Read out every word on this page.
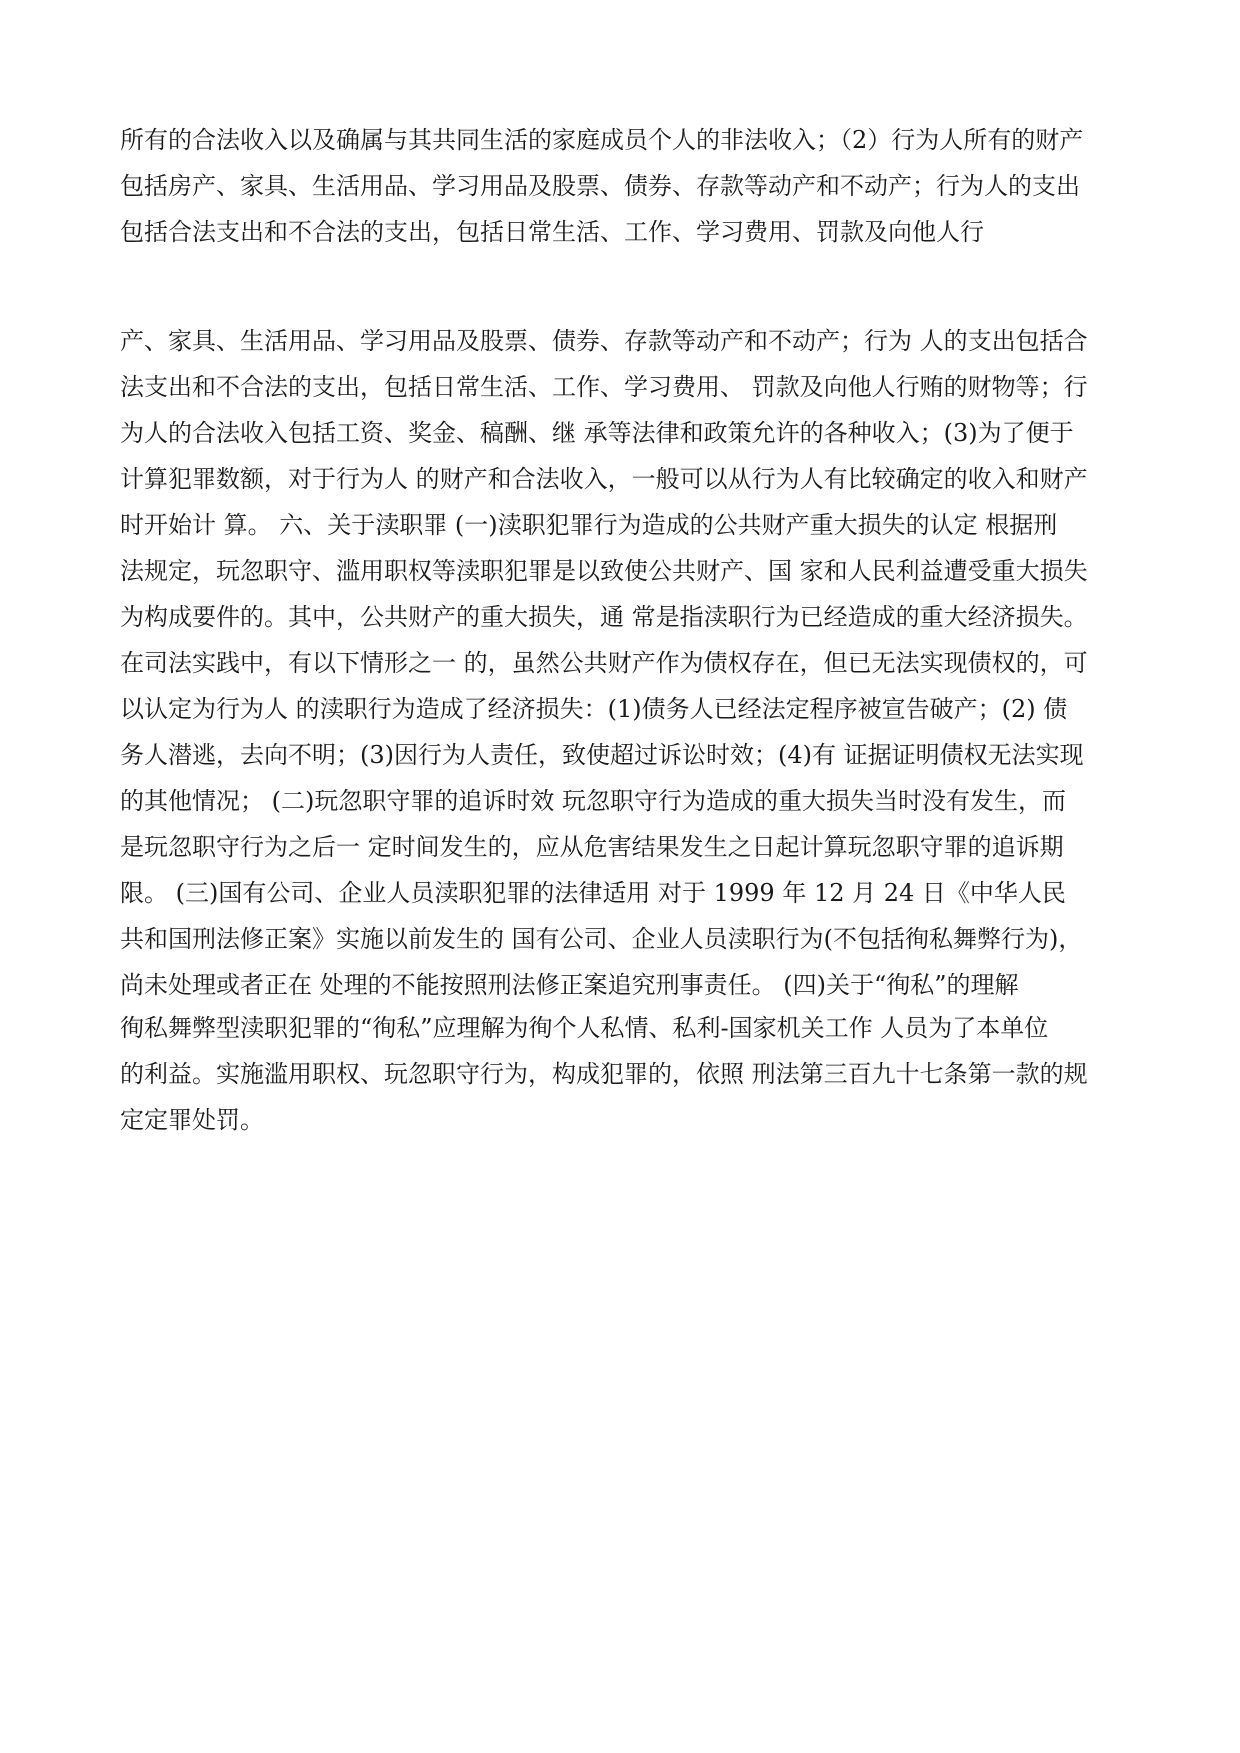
所有的合法收入以及确属与其共同生活的家庭成员个人的非法收入；（2）行为人所有的财产
包括房产、家具、生活用品、学习用品及股票、债券、存款等动产和不动产；行为人的支出
包括合法支出和不合法的支出，包括日常生活、工作、学习费用、罚款及向他人行
产、家具、生活用品、学习用品及股票、债券、存款等动产和不动产；行为 人的支出包括合
法支出和不合法的支出，包括日常生活、工作、学习费用、 罚款及向他人行贿的财物等；行
为人的合法收入包括工资、奖金、稿酬、继 承等法律和政策允许的各种收入；(3)为了便于
计算犯罪数额，对于行为人 的财产和合法收入，一般可以从行为人有比较确定的收入和财产
时开始计 算。 六、关于渎职罪 (一)渎职犯罪行为造成的公共财产重大损失的认定 根据刑
法规定，玩忽职守、滥用职权等渎职犯罪是以致使公共财产、国 家和人民利益遭受重大损失
为构成要件的。其中，公共财产的重大损失，通 常是指渎职行为已经造成的重大经济损失。
在司法实践中，有以下情形之一 的，虽然公共财产作为债权存在，但已无法实现债权的，可
以认定为行为人 的渎职行为造成了经济损失：(1)债务人已经法定程序被宣告破产；(2) 债
务人潜逃，去向不明；(3)因行为人责任，致使超过诉讼时效；(4)有 证据证明债权无法实现
的其他情况； (二)玩忽职守罪的追诉时效 玩忽职守行为造成的重大损失当时没有发生，而
是玩忽职守行为之后一 定时间发生的，应从危害结果发生之日起计算玩忽职守罪的追诉期
限。 (三)国有公司、企业人员渎职犯罪的法律适用 对于 1999 年 12 月 24 日《中华人民
共和国刑法修正案》实施以前发生的 国有公司、企业人员渎职行为(不包括徇私舞弊行为)，
尚未处理或者正在 处理的不能按照刑法修正案追究刑事责任。 (四)关于“徇私”的理解
徇私舞弊型渎职犯罪的“徇私”应理解为徇个人私情、私利-国家机关工作 人员为了本单位
的利益。实施滥用职权、玩忽职守行为，构成犯罪的，依照 刑法第三百九十七条第一款的规
定定罪处罚。
